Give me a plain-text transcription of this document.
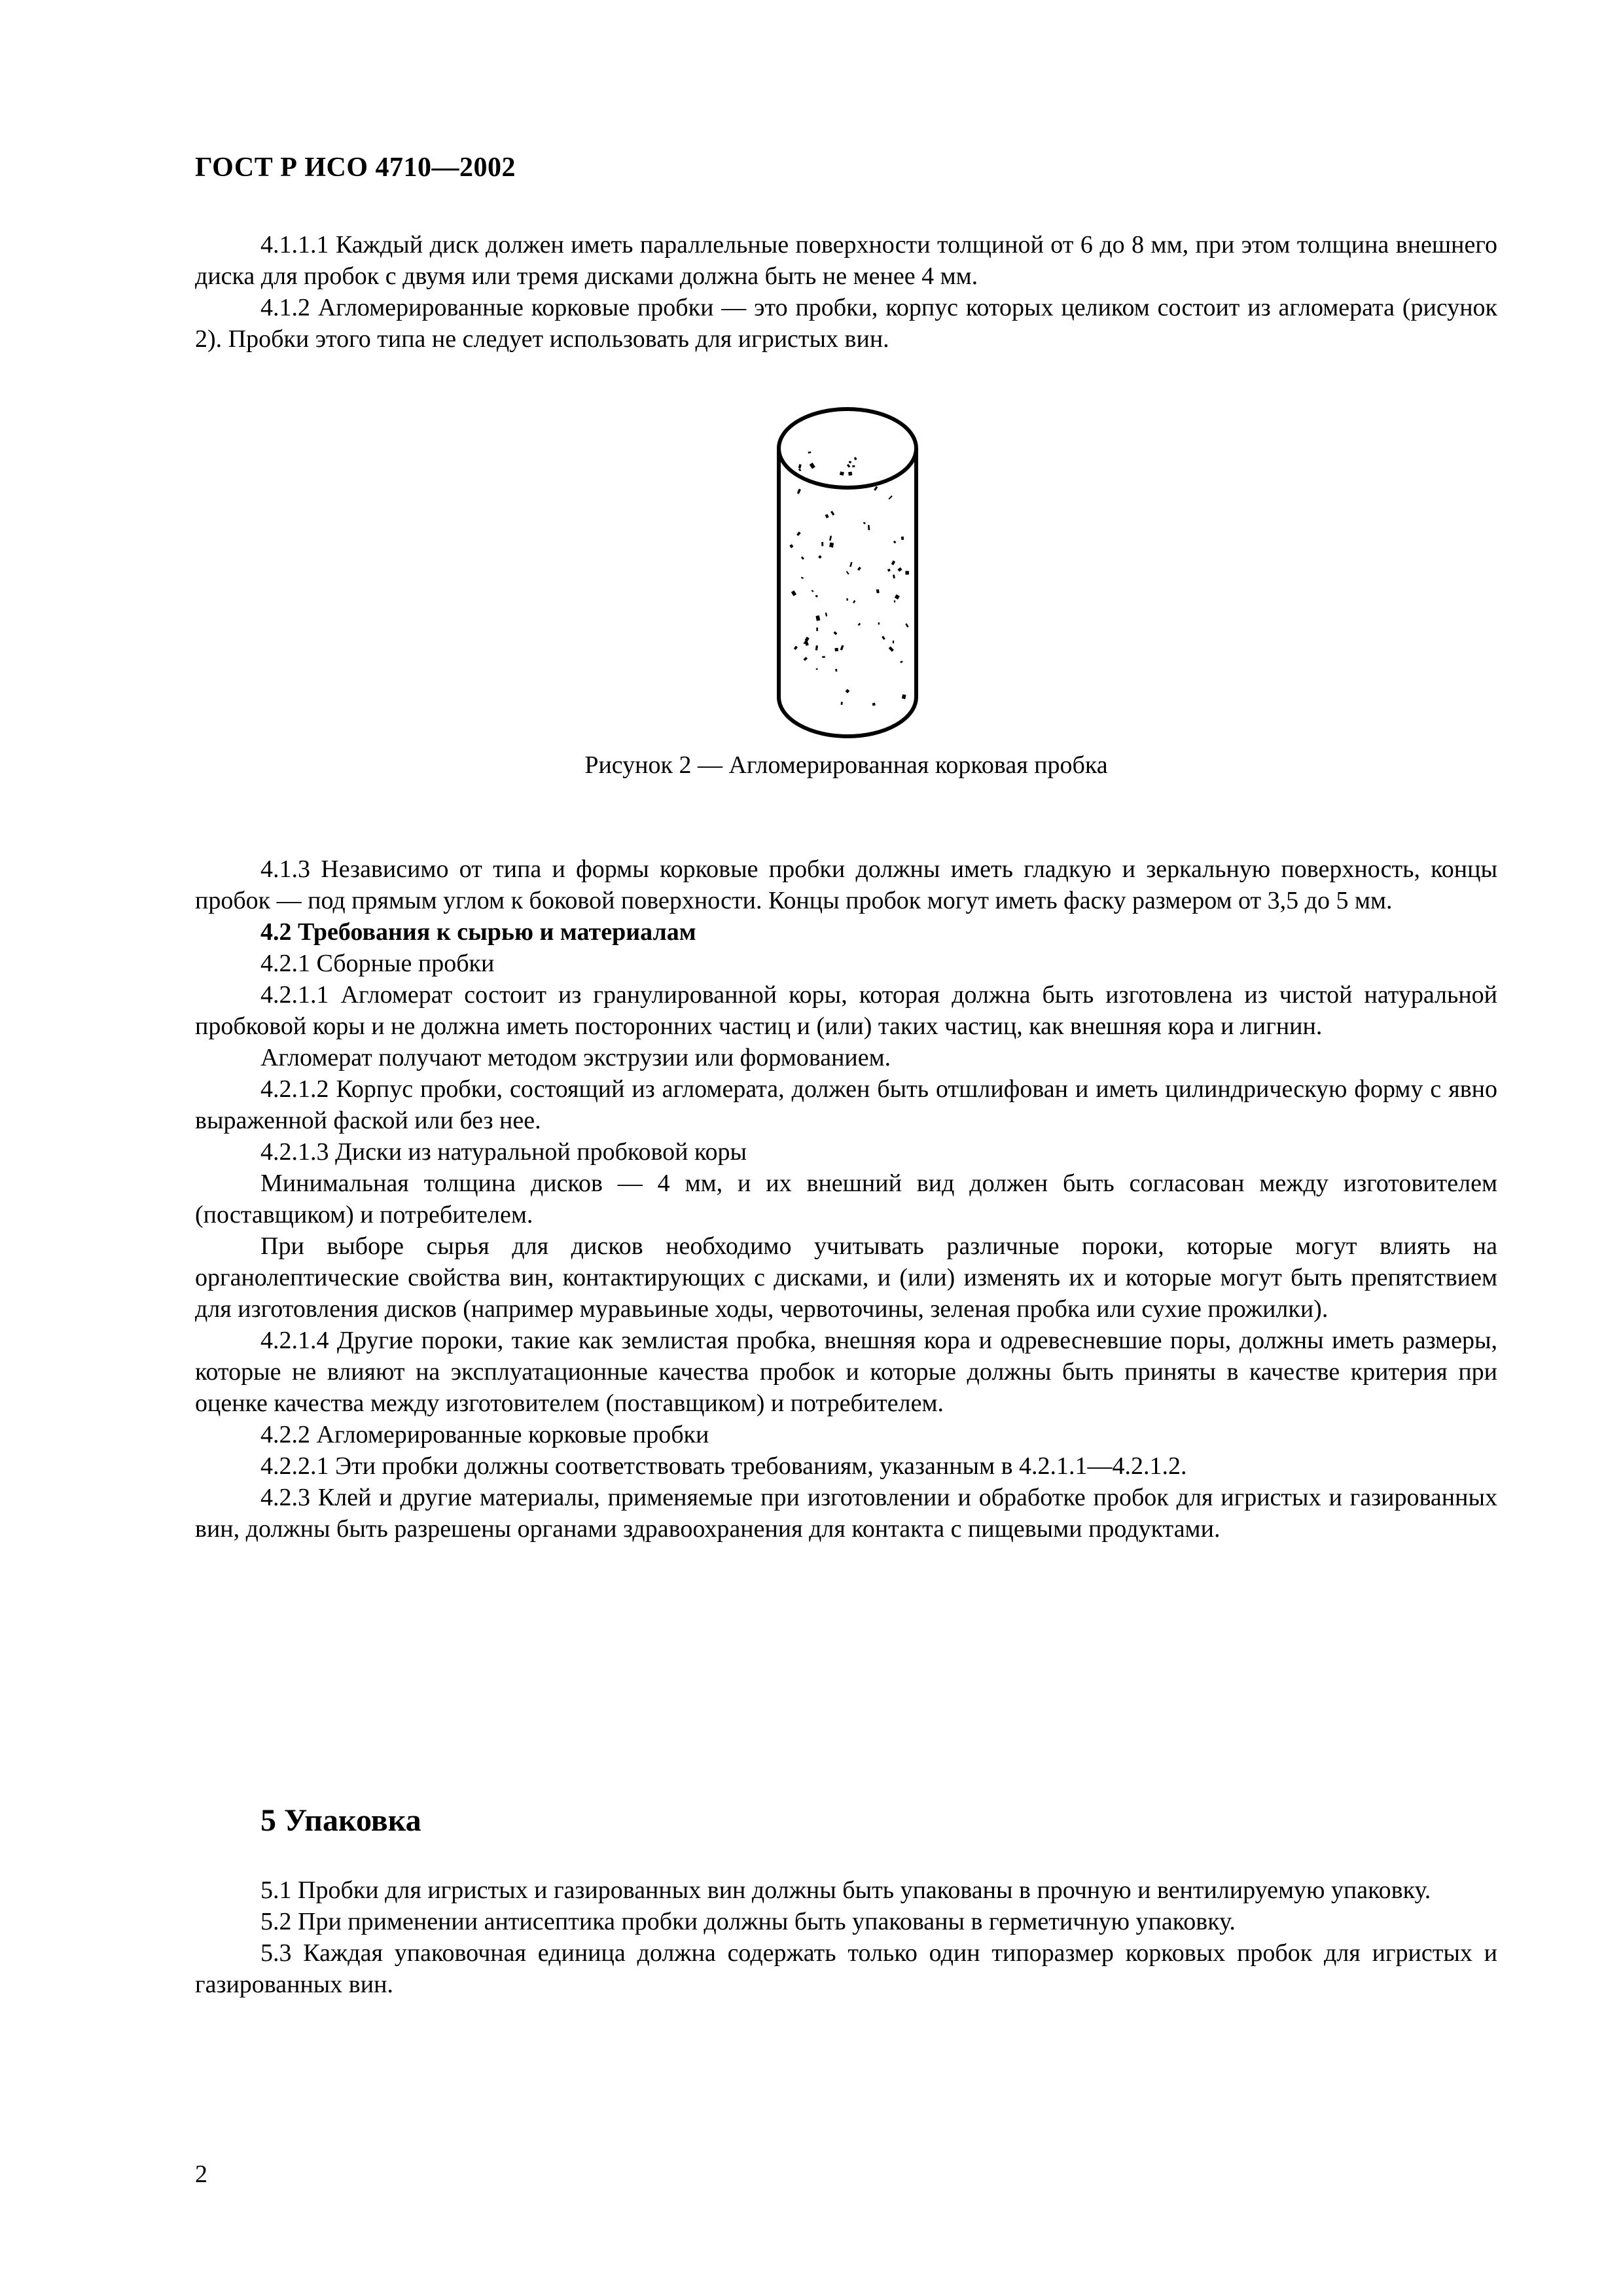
ГОСТ Р ИСО 4710—2002

4.1.1.1 Каждый диск должен иметь параллельные поверхности толщиной от 6 до 8 мм, при этом толщина внешнего диска для пробок с двумя или тремя дисками должна быть не менее 4 мм.

4.1.2 Агломерированные корковые пробки — это пробки, корпус которых целиком состоит из агломерата (рисунок 2). Пробки этого типа не следует использовать для игристых вин.

Рисунок 2 — Агломерированная корковая пробка

4.1.3 Независимо от типа и формы корковые пробки должны иметь гладкую и зеркальную поверхность, концы пробок — под прямым углом к боковой поверхности. Концы пробок могут иметь фаску размером от 3,5 до 5 мм.

4.2 Требования к сырью и материалам

4.2.1 Сборные пробки

4.2.1.1 Агломерат состоит из гранулированной коры, которая должна быть изготовлена из чистой натуральной пробковой коры и не должна иметь посторонних частиц и (или) таких частиц, как внешняя кора и лигнин.

Агломерат получают методом экструзии или формованием.

4.2.1.2 Корпус пробки, состоящий из агломерата, должен быть отшлифован и иметь цилиндрическую форму с явно выраженной фаской или без нее.

4.2.1.3 Диски из натуральной пробковой коры

Минимальная толщина дисков — 4 мм, и их внешний вид должен быть согласован между изготовителем (поставщиком) и потребителем.

При выборе сырья для дисков необходимо учитывать различные пороки, которые могут влиять на органолептические свойства вин, контактирующих с дисками, и (или) изменять их и которые могут быть препятствием для изготовления дисков (например муравьиные ходы, червоточины, зеленая пробка или сухие прожилки).

4.2.1.4 Другие пороки, такие как землистая пробка, внешняя кора и одревесневшие поры, должны иметь размеры, которые не влияют на эксплуатационные качества пробок и которые должны быть приняты в качестве критерия при оценке качества между изготовителем (поставщиком) и потребителем.

4.2.2 Агломерированные корковые пробки

4.2.2.1 Эти пробки должны соответствовать требованиям, указанным в 4.2.1.1—4.2.1.2.

4.2.3 Клей и другие материалы, применяемые при изготовлении и обработке пробок для игристых и газированных вин, должны быть разрешены органами здравоохранения для контакта с пищевыми продуктами.

5 Упаковка

5.1 Пробки для игристых и газированных вин должны быть упакованы в прочную и вентилируемую упаковку.

5.2 При применении антисептика пробки должны быть упакованы в герметичную упаковку.

5.3 Каждая упаковочная единица должна содержать только один типоразмер корковых пробок для игристых и газированных вин.

2
